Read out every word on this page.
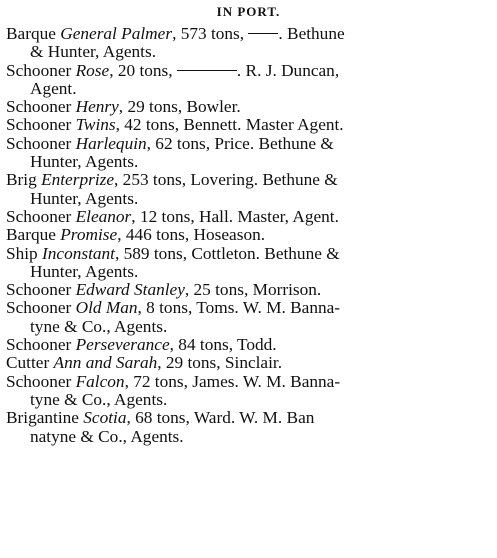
IN PORT.

Barque General Palmer, 573 tons, . Bethune
& Hunter, Agents.

Schooner Rose, 20 tons,	. R. J. Duncan,
Agent.

Schooner Henry, 29 tons, Bowler.

Schooner Twins, 42 tons, Bennett. Master Agent.

Schooner Harlequin, 62 tons, Price. Bethune &
Hunter, Agents.

Brig Enterprize, 253 tons, Lovering. Bethune &
Hunter, Agents.

Schooner Eleanor, 12 tons, Hall. Master, Agent.

Barque Promise, 446 tons, Hoseason.

Ship Inconstant, 589 tons, Cottleton. Bethune &
Hunter, Agents.

Schooner Edward Stanley, 25 tons, Morrison.

Schooner Old Man, 8 tons, Toms. W. M. Banna-
tyne & Co., Agents.

Schooner Perseverance, 84 tons, Todd.

Cutter Ann and Sarah, 29 tons, Sinclair.

Schooner Falcon, 72 tons, James. W. M. Banna-
tyne & Co., Agents.

Brigantine Scotia, 68 tons, Ward. W. M. Ban
natyne & Co., Agents.
